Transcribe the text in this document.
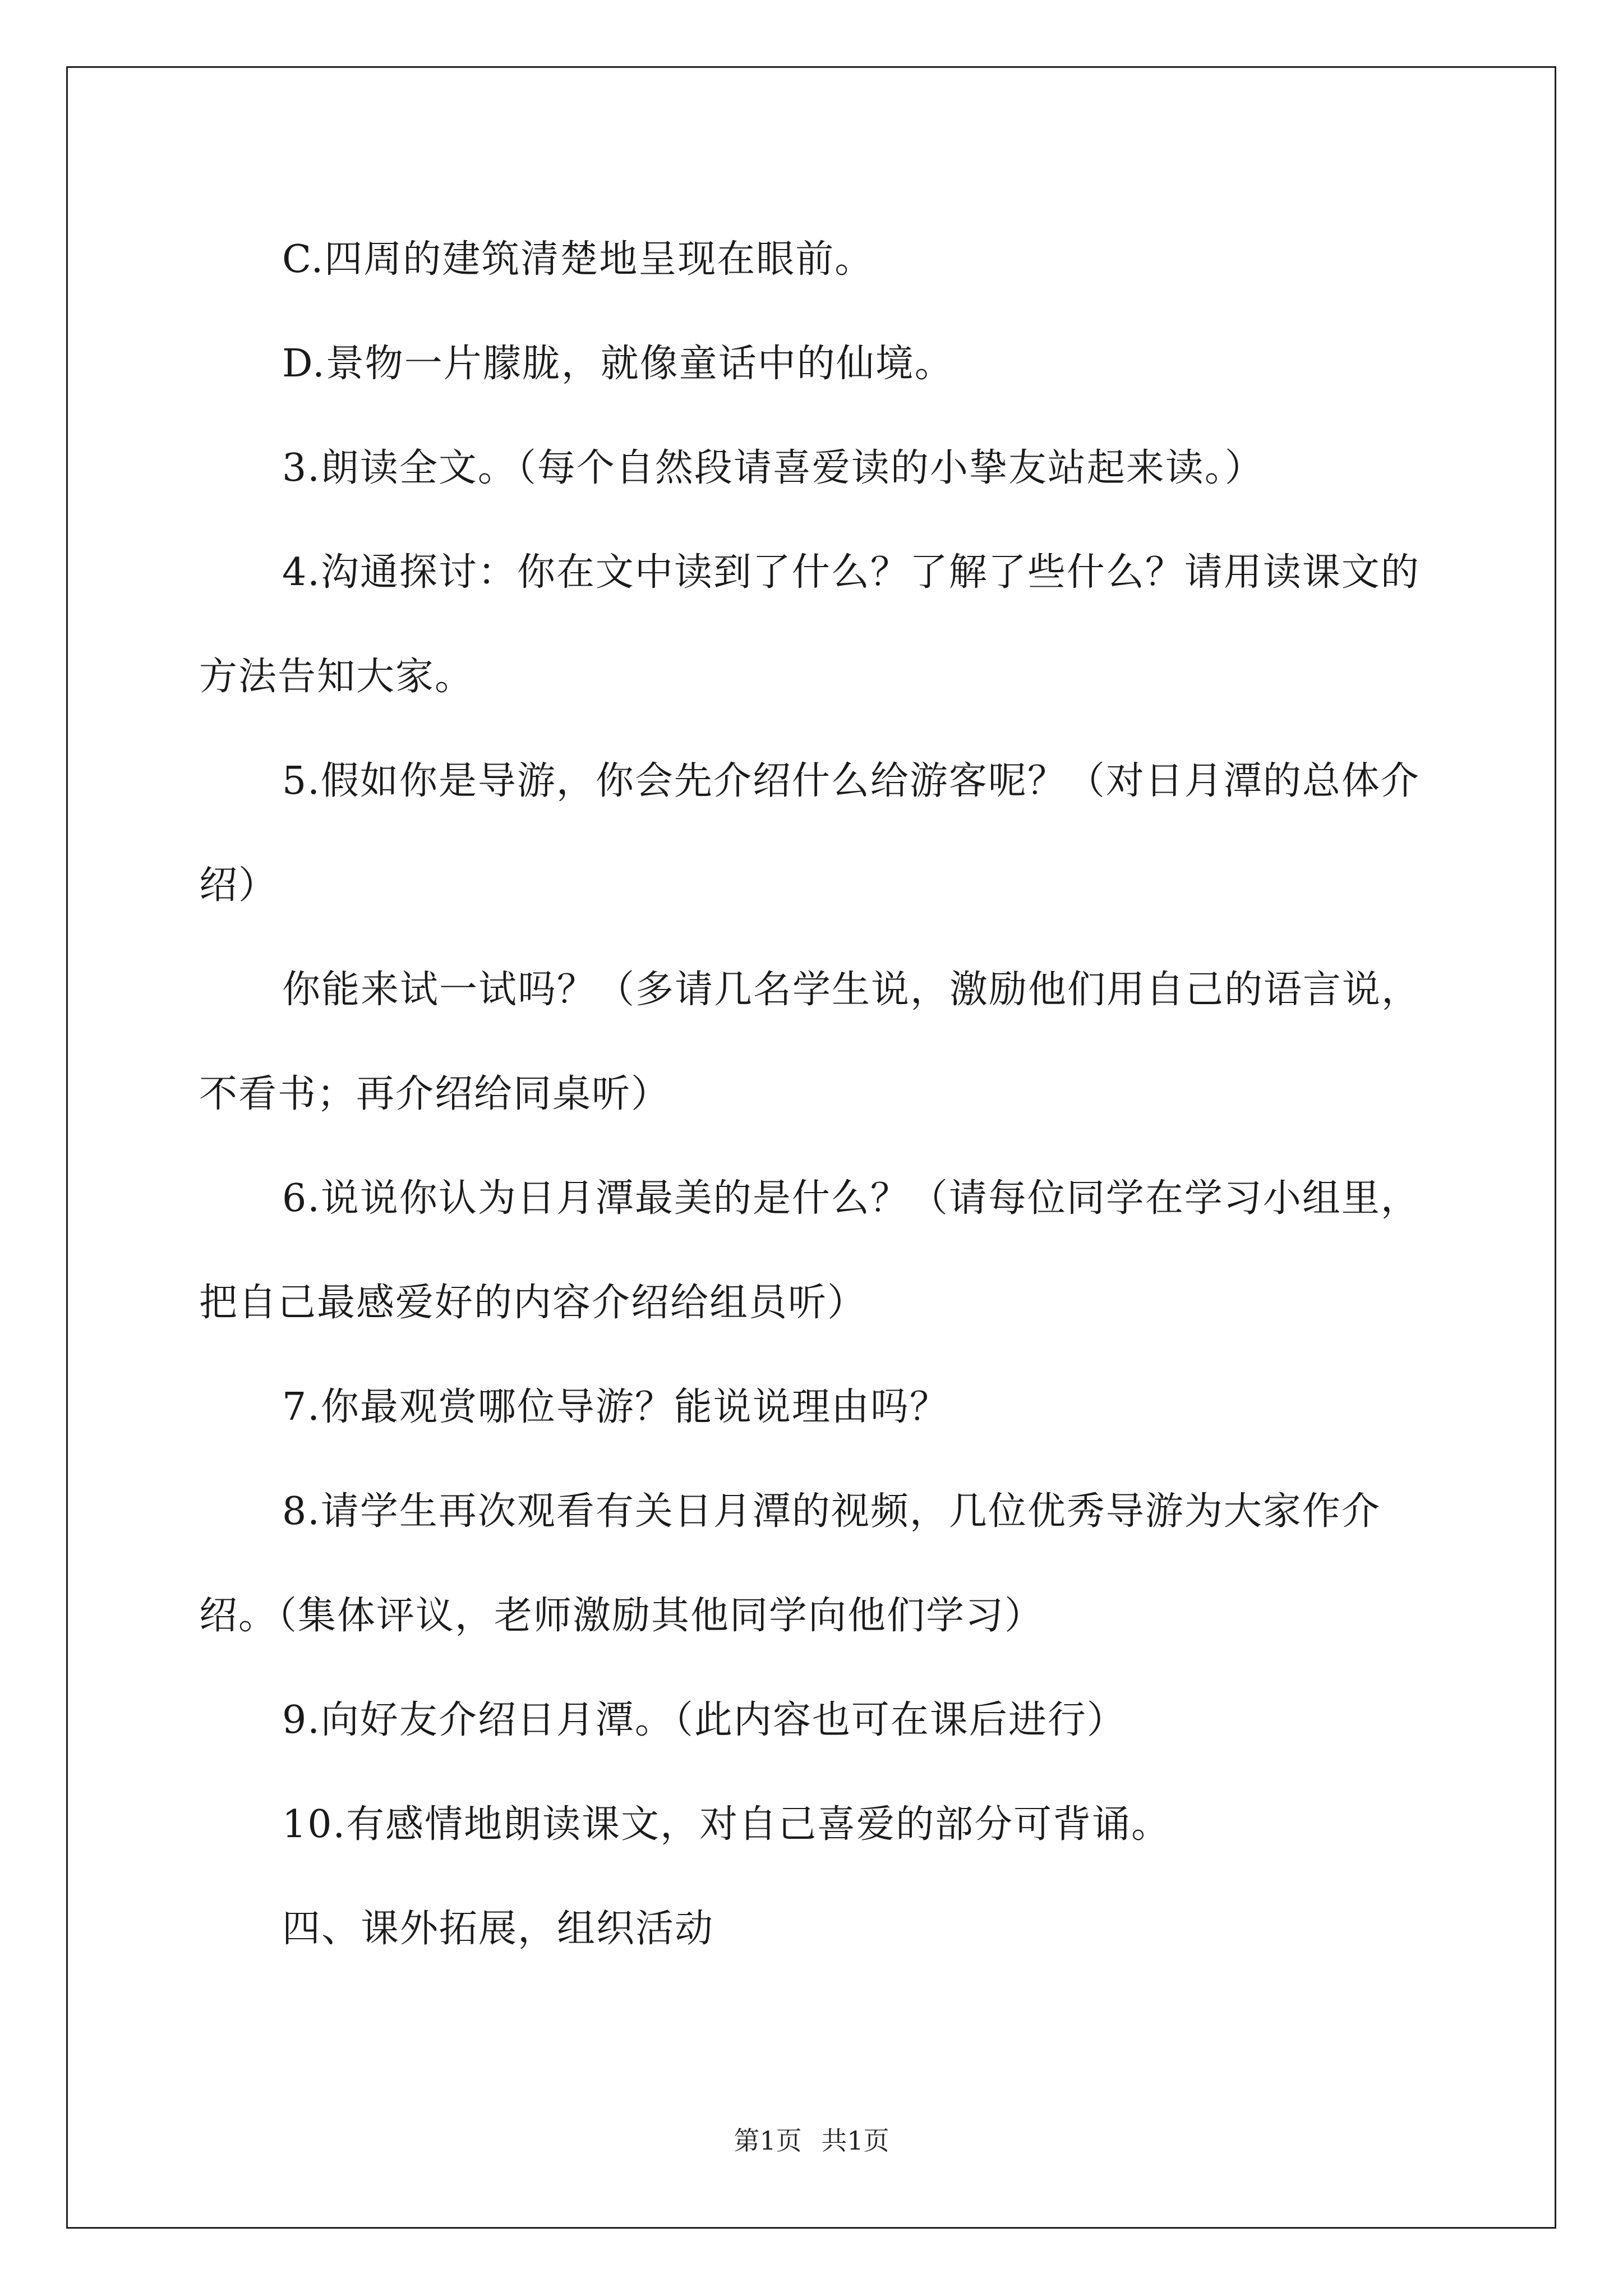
C.四周的建筑清楚地呈现在眼前。

D.景物一片朦胧，就像童话中的仙境。

3.朗读全文。（每个自然段请喜爱读的小挚友站起来读。）

4.沟通探讨：你在文中读到了什么？了解了些什么？请用读课文的方法告知大家。

5.假如你是导游，你会先介绍什么给游客呢？（对日月潭的总体介绍）

你能来试一试吗？（多请几名学生说，激励他们用自己的语言说，不看书；再介绍给同桌听）

6.说说你认为日月潭最美的是什么？（请每位同学在学习小组里，把自己最感爱好的内容介绍给组员听）

7.你最观赏哪位导游？能说说理由吗？

8.请学生再次观看有关日月潭的视频，几位优秀导游为大家作介绍。（集体评议，老师激励其他同学向他们学习）

9.向好友介绍日月潭。（此内容也可在课后进行）

10.有感情地朗读课文，对自己喜爱的部分可背诵。

四、课外拓展，组织活动

第1页 共1页
